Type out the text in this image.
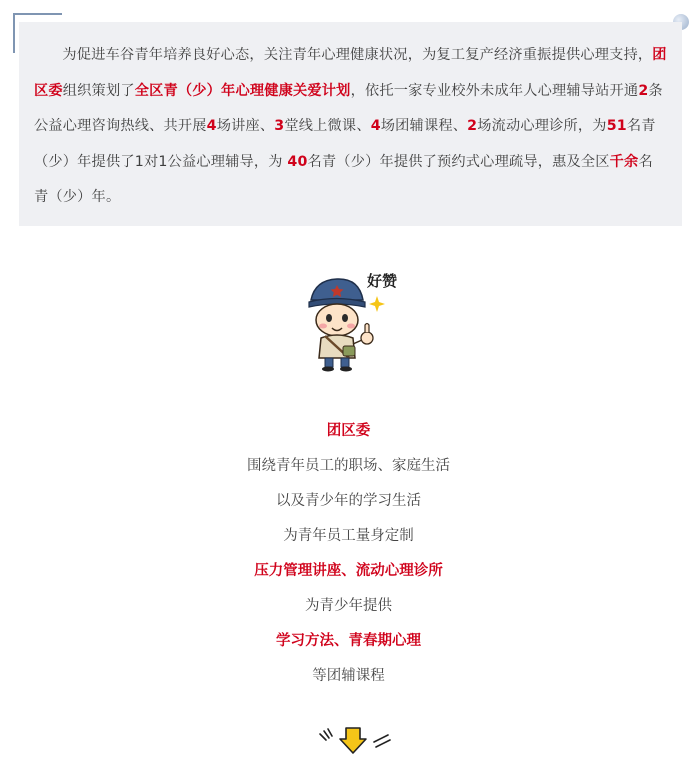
为促进车谷青年培养良好心态，关注青年心理健康状况，为复工复产经济重振提供心理支持，团区委组织策划了全区青（少）年心理健康关爱计划，依托一家专业校外未成年人心理辅导站开通2条公益心理咨询热线、共开展4场讲座、3堂线上微课、4场团辅课程、2场流动心理诊所，为51名青（少）年提供了1对1公益心理辅导，为 40名青（少）年提供了预约式心理疏导，惠及全区千余名青（少）年。

好赞
团区委
围绕青年员工的职场、家庭生活
以及青少年的学习生活
为青年员工量身定制
压力管理讲座、流动心理诊所
为青少年提供
学习方法、青春期心理
等团辅课程
